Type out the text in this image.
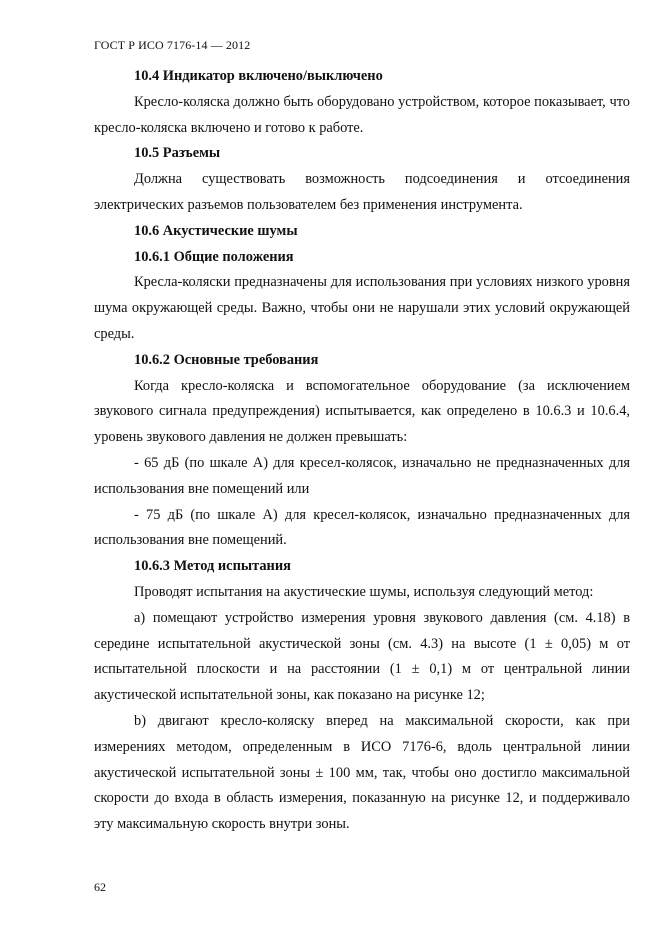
ГОСТ Р ИСО 7176-14 — 2012

10.4 Индикатор включено/выключено

Кресло-коляска должно быть оборудовано устройством, которое показывает, что кресло-коляска включено и готово к работе.

10.5 Разъемы

Должна существовать возможность подсоединения и отсоединения электрических разъемов пользователем без применения инструмента.

10.6 Акустические шумы

10.6.1 Общие положения

Кресла-коляски предназначены для использования при условиях низкого уровня шума окружающей среды. Важно, чтобы они не нарушали этих условий окружающей среды.

10.6.2 Основные требования

Когда кресло-коляска и вспомогательное оборудование (за исключением звукового сигнала предупреждения) испытывается, как определено в 10.6.3 и 10.6.4, уровень звукового давления не должен превышать:

- 65 дБ (по шкале А) для кресел-колясок, изначально не предназначенных для использования вне помещений или

- 75 дБ (по шкале А) для кресел-колясок, изначально предназначенных для использования вне помещений.

10.6.3 Метод испытания

Проводят испытания на акустические шумы, используя следующий метод:

а) помещают устройство измерения уровня звукового давления (см. 4.18) в середине испытательной акустической зоны (см. 4.3) на высоте (1 ± 0,05) м от испытательной плоскости и на расстоянии (1 ± 0,1) м от центральной линии акустической испытательной зоны, как показано на рисунке 12;

b) двигают кресло-коляску вперед на максимальной скорости, как при измерениях методом, определенным в ИСО 7176-6, вдоль центральной линии акустической испытательной зоны ± 100 мм, так, чтобы оно достигло максимальной скорости до входа в область измерения, показанную на рисунке 12, и поддерживало эту максимальную скорость внутри зоны.

62
